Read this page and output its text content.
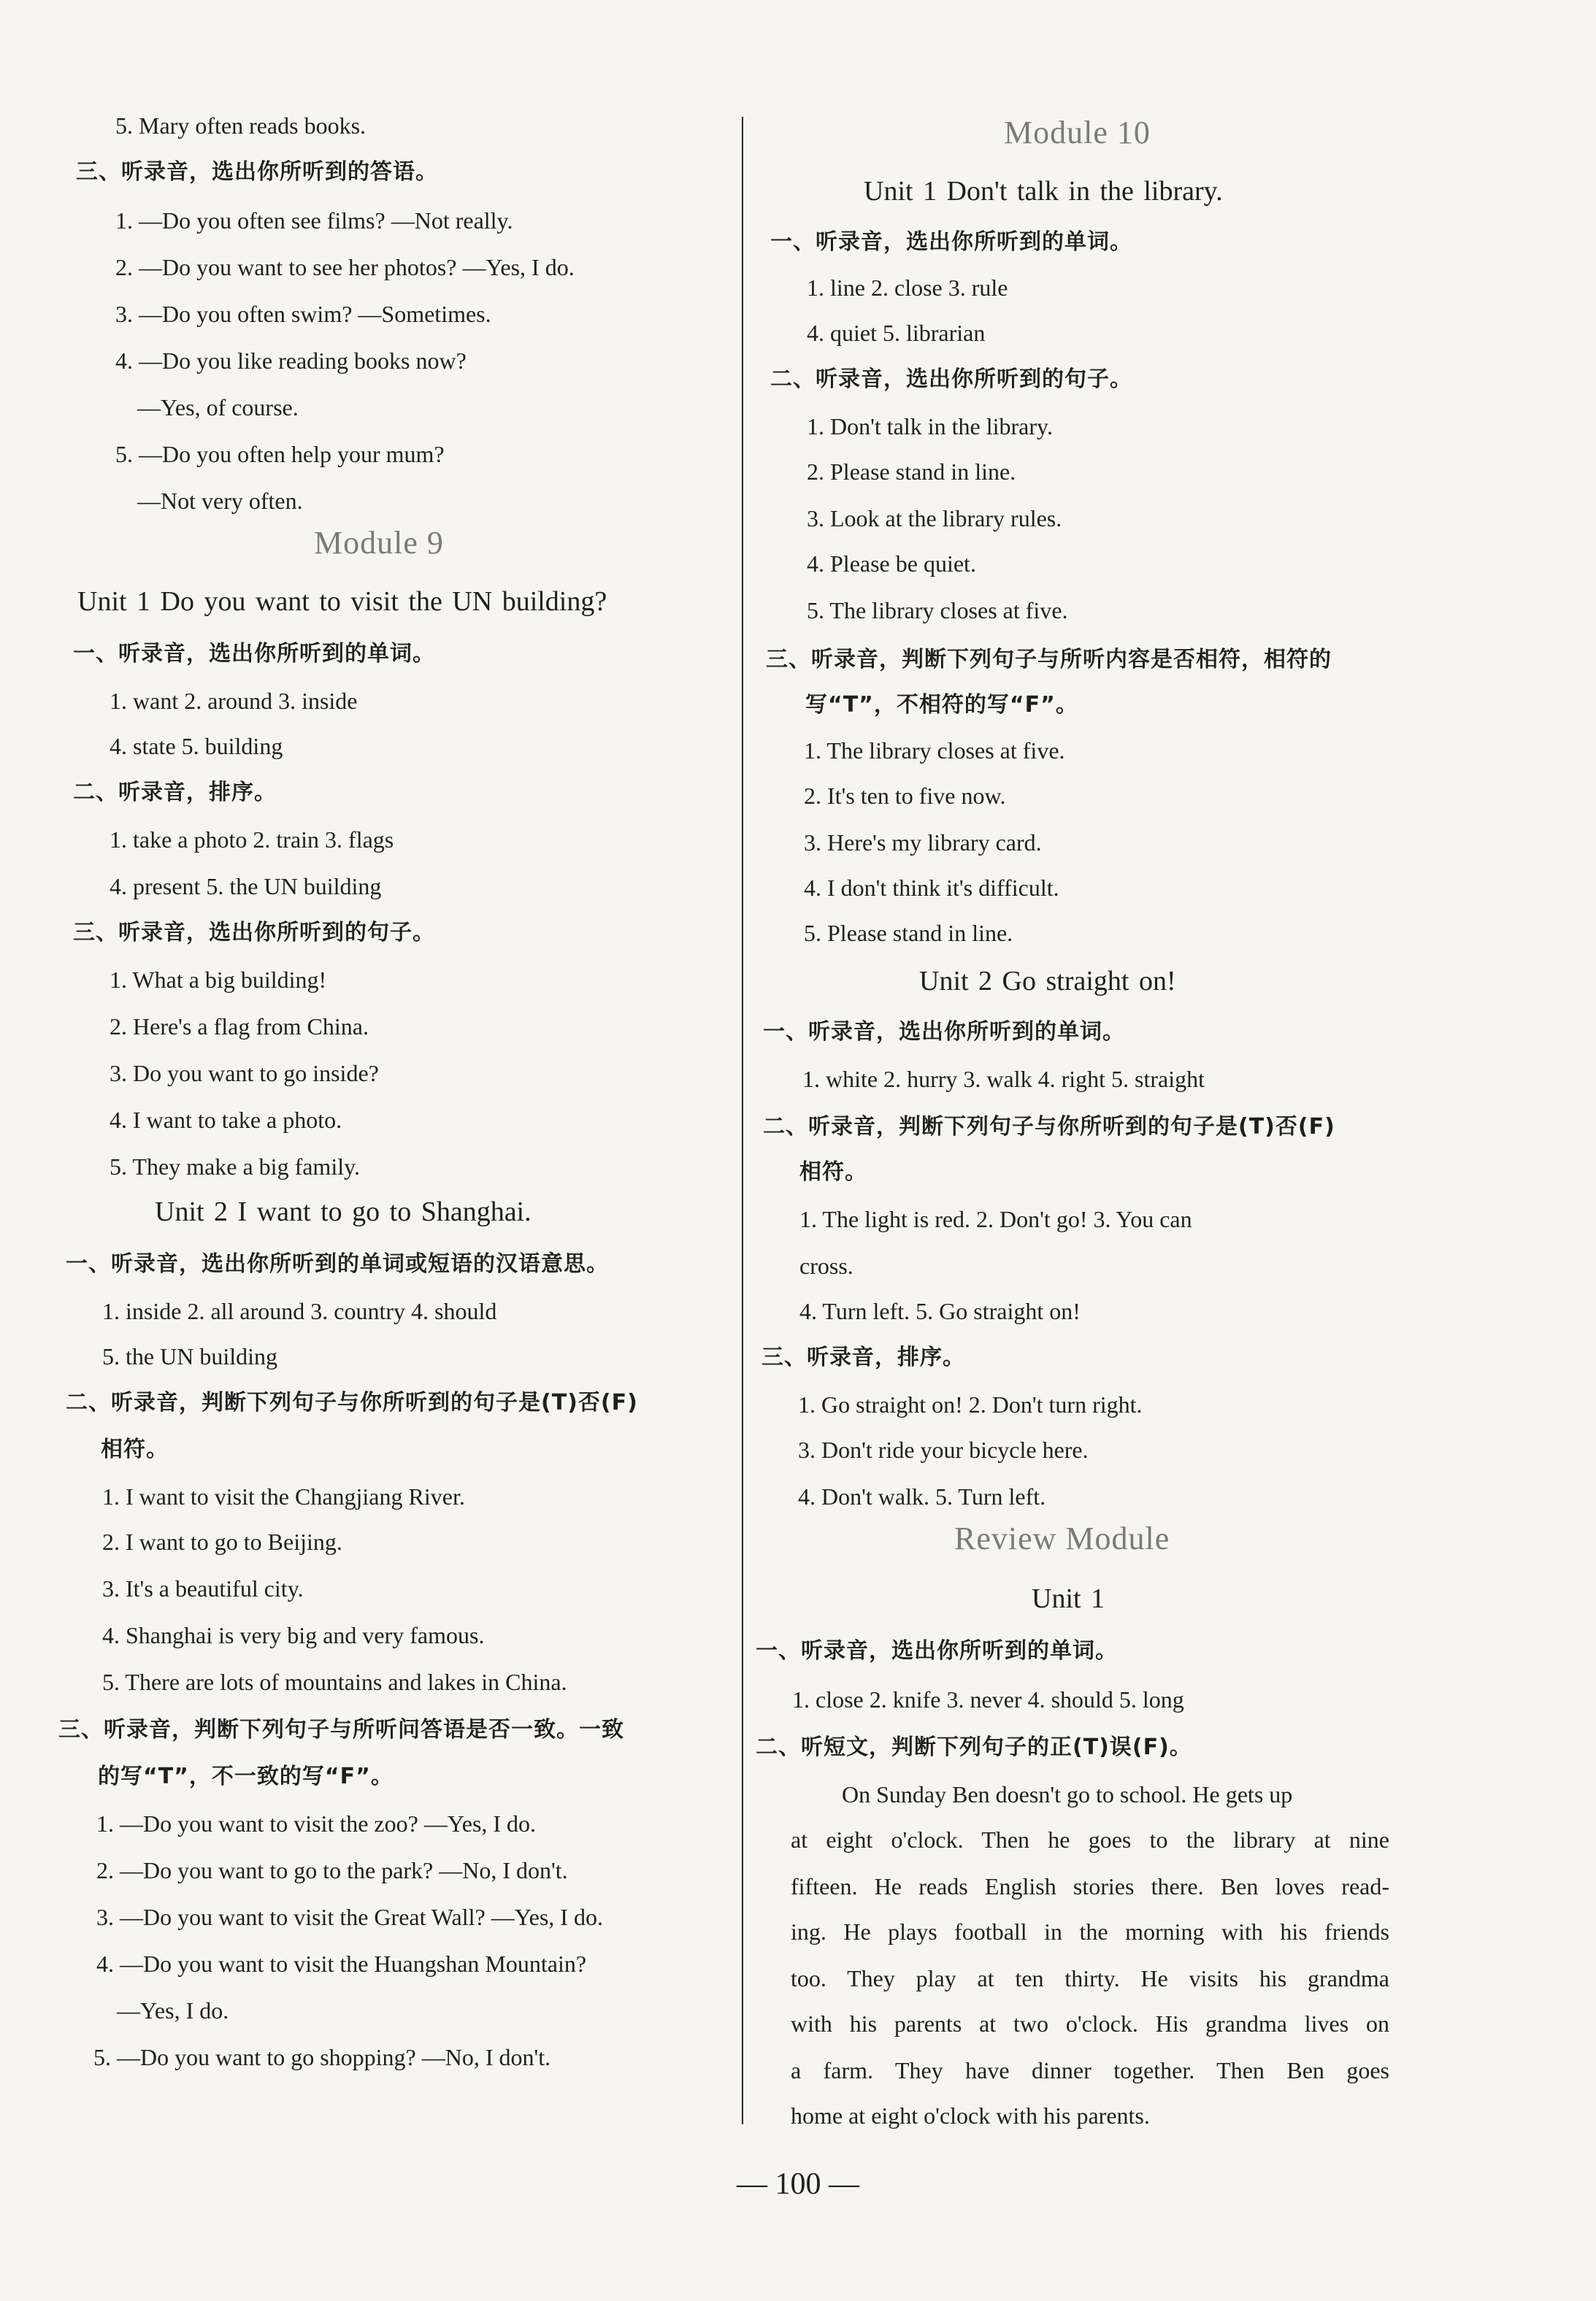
5. Mary often reads books.
三、听录音，选出你所听到的答语。
1. —Do you often see films? —Not really.
2. —Do you want to see her photos? —Yes, I do.
3. —Do you often swim? —Sometimes.
4. —Do you like reading books now?
—Yes, of course.
5. —Do you often help your mum?
—Not very often.
Module 9
Unit 1 Do you want to visit the UN building?
一、听录音，选出你所听到的单词。
1. want 2. around 3. inside
4. state 5. building
二、听录音，排序。
1. take a photo 2. train 3. flags
4. present 5. the UN building
三、听录音，选出你所听到的句子。
1. What a big building!
2. Here's a flag from China.
3. Do you want to go inside?
4. I want to take a photo.
5. They make a big family.
Unit 2 I want to go to Shanghai.
一、听录音，选出你所听到的单词或短语的汉语意思。
1. inside 2. all around 3. country 4. should
5. the UN building
二、听录音，判断下列句子与你所听到的句子是(T)否(F)
相符。
1. I want to visit the Changjiang River.
2. I want to go to Beijing.
3. It's a beautiful city.
4. Shanghai is very big and very famous.
5. There are lots of mountains and lakes in China.
三、听录音，判断下列句子与所听问答语是否一致。一致
的写“T”，不一致的写“F”。
1. —Do you want to visit the zoo? —Yes, I do.
2. —Do you want to go to the park? —No, I don't.
3. —Do you want to visit the Great Wall? —Yes, I do.
4. —Do you want to visit the Huangshan Mountain?
—Yes, I do.
5. —Do you want to go shopping? —No, I don't.
Module 10
Unit 1 Don't talk in the library.
一、听录音，选出你所听到的单词。
1. line 2. close 3. rule
4. quiet 5. librarian
二、听录音，选出你所听到的句子。
1. Don't talk in the library.
2. Please stand in line.
3. Look at the library rules.
4. Please be quiet.
5. The library closes at five.
三、听录音，判断下列句子与所听内容是否相符，相符的
写“T”，不相符的写“F”。
1. The library closes at five.
2. It's ten to five now.
3. Here's my library card.
4. I don't think it's difficult.
5. Please stand in line.
Unit 2 Go straight on!
一、听录音，选出你所听到的单词。
1. white 2. hurry 3. walk 4. right 5. straight
二、听录音，判断下列句子与你所听到的句子是(T)否(F)
相符。
1. The light is red. 2. Don't go! 3. You can
cross.
4. Turn left. 5. Go straight on!
三、听录音，排序。
1. Go straight on! 2. Don't turn right.
3. Don't ride your bicycle here.
4. Don't walk. 5. Turn left.
Review Module
Unit 1
一、听录音，选出你所听到的单词。
1. close 2. knife 3. never 4. should 5. long
二、听短文，判断下列句子的正(T)误(F)。
On Sunday Ben doesn't go to school. He gets up
at eight o'clock. Then he goes to the library at nine
fifteen. He reads English stories there. Ben loves read-
ing. He plays football in the morning with his friends
too. They play at ten thirty. He visits his grandma
with his parents at two o'clock. His grandma lives on
a farm. They have dinner together. Then Ben goes
home at eight o'clock with his parents.
— 100 —
